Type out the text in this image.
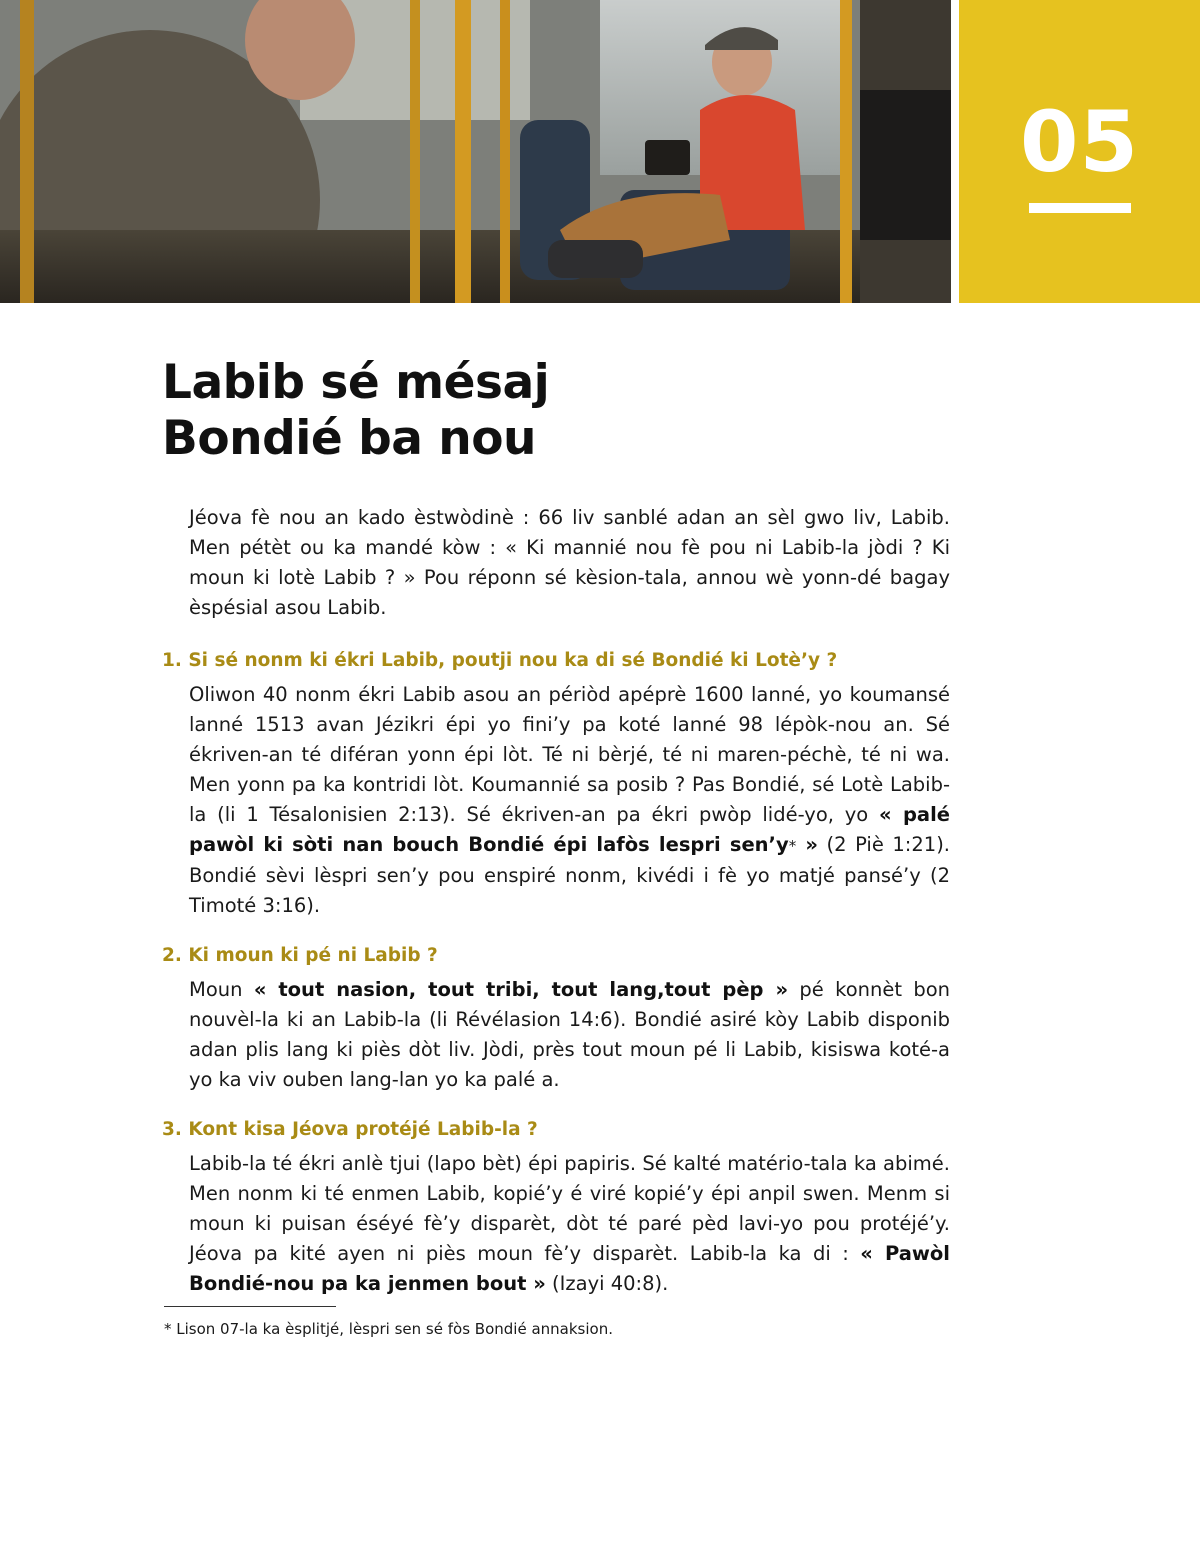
05
Labib sé mésaj
Bondié ba nou

Jéova fè nou an kado èstwòdinè : 66 liv sanblé adan an sèl gwo liv, Labib. Men pétèt ou ka mandé kòw : « Ki mannié nou fè pou ni Labib-la jòdi ? Ki moun ki lotè Labib ? » Pou réponn sé kèsion-tala, annou wè yonn-dé bagay èspésial asou Labib.

1. Si sé nonm ki ékri Labib, poutji nou ka di sé Bondié ki Lotè’y ?

Oliwon 40 nonm ékri Labib asou an périòd apéprè 1600 lanné, yo koumansé lanné 1513 avan Jézikri épi yo fini’y pa koté lanné 98 lépòk-nou an. Sé ékriven-an té diféran yonn épi lòt. Té ni bèrjé, té ni maren-péchè, té ni wa. Men yonn pa ka kontridi lòt. Koumannié sa posib ? Pas Bondié, sé Lotè Labib-la (li 1 Tésalonisien 2:13). Sé ékriven-an pa ékri pwòp lidé-yo, yo « palé pawòl ki sòti nan bouch Bondié épi lafòs lespri sen’y* » (2 Piè 1:21). Bondié sèvi lèspri sen’y pou enspiré nonm, kivédi i fè yo matjé pansé’y (2 Timoté 3:16).

2. Ki moun ki pé ni Labib ?

Moun « tout nasion, tout tribi, tout lang,tout pèp » pé konnèt bon nouvèl-la ki an Labib-la (li Révélasion 14:6). Bondié asiré kòy Labib disponib adan plis lang ki piès dòt liv. Jòdi, près tout moun pé li Labib, kisiswa koté-a yo ka viv ouben lang-lan yo ka palé a.

3. Kont kisa Jéova protéjé Labib-la ?

Labib-la té ékri anlè tjui (lapo bèt) épi papiris. Sé kalté matério-tala ka abimé. Men nonm ki té enmen Labib, kopié’y é viré kopié’y épi anpil swen. Menm si moun ki puisan éséyé fè’y disparèt, dòt té paré pèd lavi-yo pou protéjé’y. Jéova pa kité ayen ni piès moun fè’y disparèt. Labib-la ka di : « Pawòl Bondié-nou pa ka jenmen bout » (Izayi 40:8).

* Lison 07-la ka èsplitjé, lèspri sen sé fòs Bondié annaksion.
